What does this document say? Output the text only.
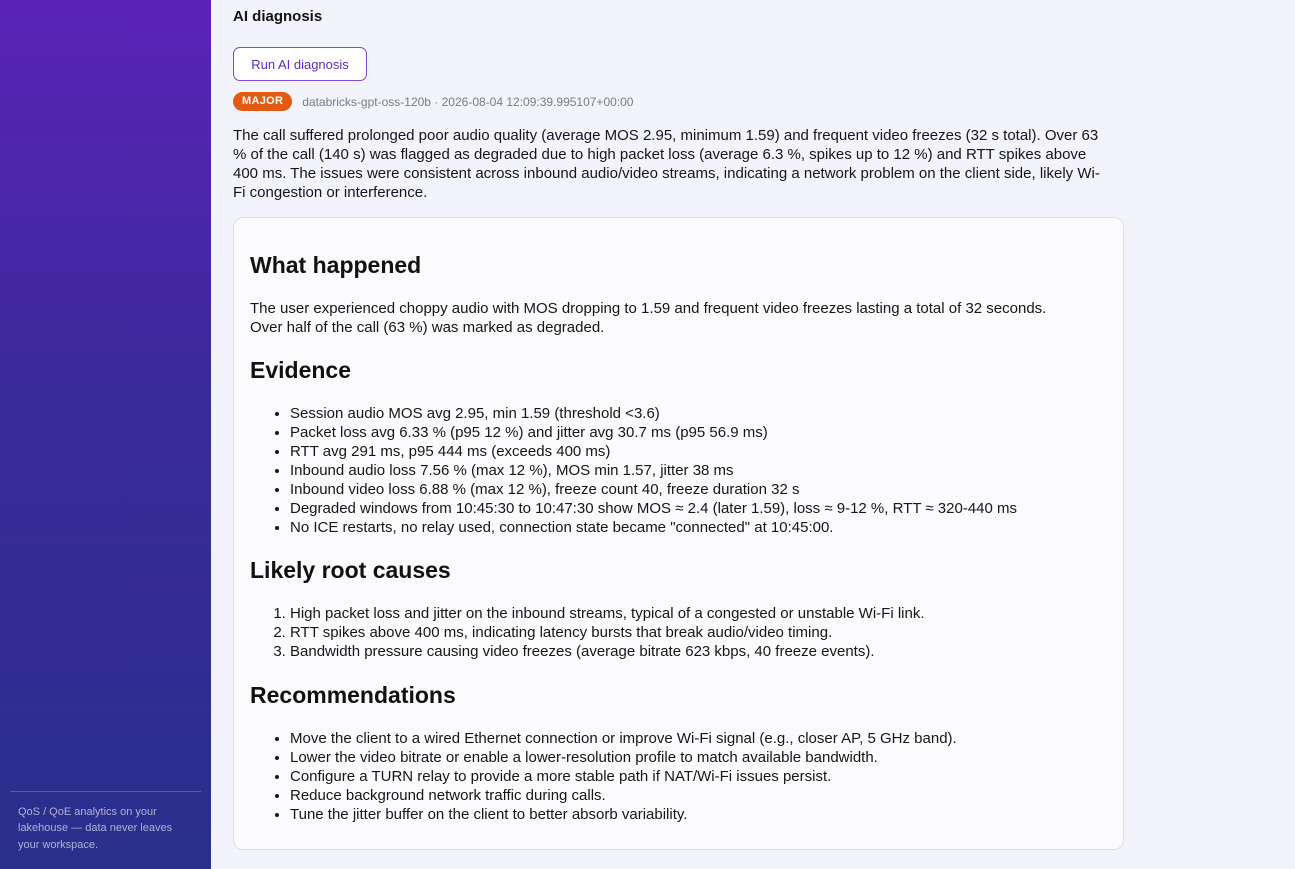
QoS / QoE analytics on your lakehouse — data never leaves your workspace.
AI diagnosis
Run AI diagnosis
MAJOR	databricks-gpt-oss-120b · 2026-08-04 12:09:39.995107+00:00
The call suffered prolonged poor audio quality (average MOS 2.95, minimum 1.59) and frequent video freezes (32 s total). Over 63 % of the call (140 s) was flagged as degraded due to high packet loss (average 6.3 %, spikes up to 12 %) and RTT spikes above 400 ms. The issues were consistent across inbound audio/video streams, indicating a network problem on the client side, likely Wi-Fi congestion or interference.
What happened

The user experienced choppy audio with MOS dropping to 1.59 and frequent video freezes lasting a total of 32 seconds. Over half of the call (63 %) was marked as degraded.

Evidence
• Session audio MOS avg 2.95, min 1.59 (threshold <3.6)
• Packet loss avg 6.33 % (p95 12 %) and jitter avg 30.7 ms (p95 56.9 ms)
• RTT avg 291 ms, p95 444 ms (exceeds 400 ms)
• Inbound audio loss 7.56 % (max 12 %), MOS min 1.57, jitter 38 ms
• Inbound video loss 6.88 % (max 12 %), freeze count 40, freeze duration 32 s
• Degraded windows from 10:45:30 to 10:47:30 show MOS ≈ 2.4 (later 1.59), loss ≈ 9-12 %, RTT ≈ 320-440 ms
• No ICE restarts, no relay used, connection state became "connected" at 10:45:00.
Likely root causes
1. High packet loss and jitter on the inbound streams, typical of a congested or unstable Wi-Fi link.
2. RTT spikes above 400 ms, indicating latency bursts that break audio/video timing.
3. Bandwidth pressure causing video freezes (average bitrate 623 kbps, 40 freeze events).
Recommendations
• Move the client to a wired Ethernet connection or improve Wi-Fi signal (e.g., closer AP, 5 GHz band).
• Lower the video bitrate or enable a lower-resolution profile to match available bandwidth.
• Configure a TURN relay to provide a more stable path if NAT/Wi-Fi issues persist.
• Reduce background network traffic during calls.
• Tune the jitter buffer on the client to better absorb variability.
